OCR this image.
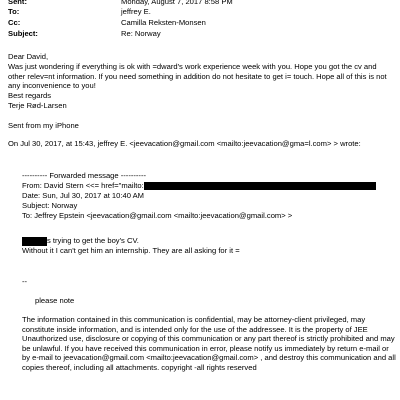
Sent:	Monday, August 7, 2017 8:58 PM
To:	jeffrey E.
Cc:	Camilla Reksten-Monsen
Subject:	Re: Norway
Dear David,
Was just wondering if everything is ok with =dward's work experience week with you. Hope you got the cv and other relev=nt information. If you need something in addition do not hesitate to get i= touch. Hope all of this is not any inconvenience to you!
Best regards
Terje Rød-Larsen
Sent from my iPhone
On Jul 30, 2017, at 15:43, jeffrey E. <jeevacation@gmail.com <mailto:jeevacation@gma=l.com> > wrote:
---------- Forwarded message ----------
From: David Stern <<= href="mailto:
Date: Sun, Jul 30, 2017 at 10:40 AM
Subject: Norway
To: Jeffrey Epstein <jeevacation@gmail.com <mailto:jeevacation@gmail.com> >
s trying to get the boy's CV.
Without it I can't get him an internship. They are all asking for it =
--
please note
The information contained in this communication is confidential, may be attorney-client privileged, may constitute inside information, and is intended only for the use of the addressee. It is the property of JEE Unauthorized use, disclosure or copying of this communication or any part thereof is strictly prohibited and may be unlawful. If you have received this communication in error, please notify us immediately by return e-mail or by e-mail to jeevacation@gmail.com <mailto:jeevacation@gmail.com> , and destroy this communication and all copies thereof, including all attachments. copyright -all rights reserved
